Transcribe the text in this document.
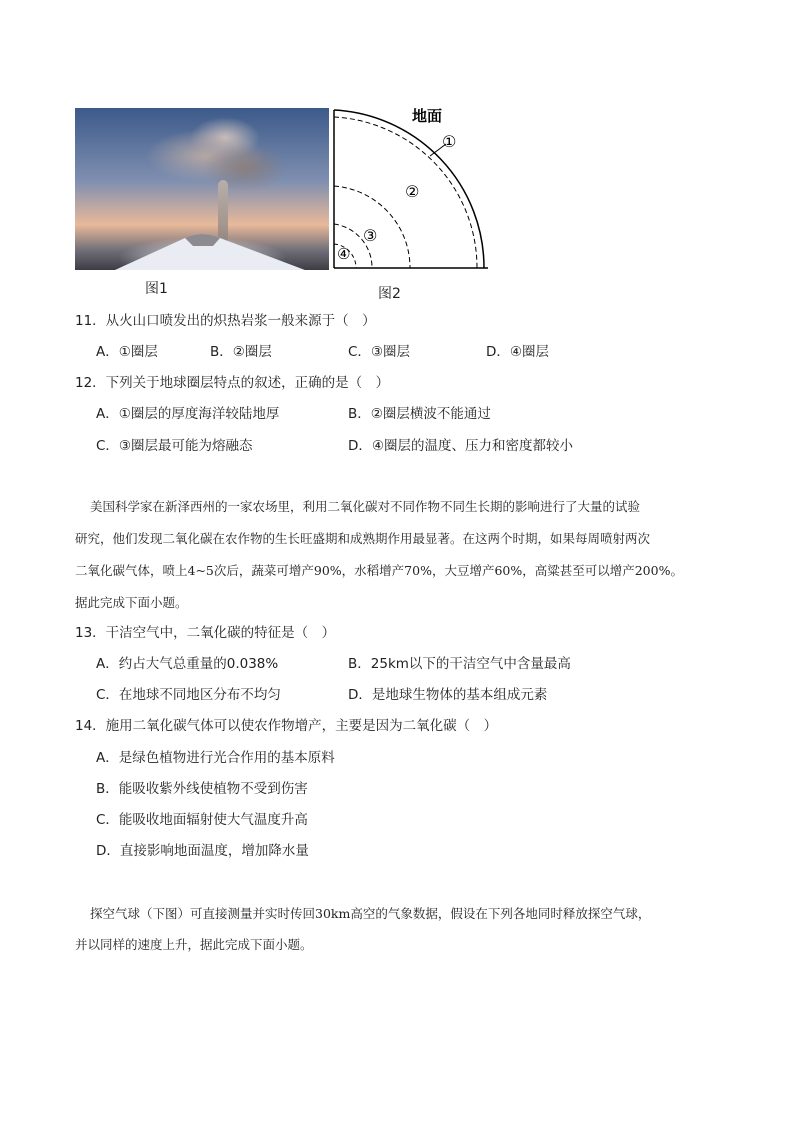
图1
地面
①
②
③
④
图2
11．从火山口喷发出的炽热岩浆一般来源于（　）
A．①圈层	B．②圈层	C．③圈层	D．④圈层
12．下列关于地球圈层特点的叙述，正确的是（　）
A．①圈层的厚度海洋较陆地厚	B．②圈层横波不能通过
C．③圈层最可能为熔融态	D．④圈层的温度、压力和密度都较小
美国科学家在新泽西州的一家农场里，利用二氧化碳对不同作物不同生长期的影响进行了大量的试验
研究，他们发现二氧化碳在农作物的生长旺盛期和成熟期作用最显著。在这两个时期，如果每周喷射两次
二氧化碳气体，喷上4~5次后，蔬菜可增产90%，水稻增产70%，大豆增产60%，高粱甚至可以增产200%。
据此完成下面小题。
13．干洁空气中，二氧化碳的特征是（　）
A．约占大气总重量的0.038%	B．25km以下的干洁空气中含量最高
C．在地球不同地区分布不均匀	D．是地球生物体的基本组成元素
14．施用二氧化碳气体可以使农作物增产，主要是因为二氧化碳（　）
A．是绿色植物进行光合作用的基本原料
B．能吸收紫外线使植物不受到伤害
C．能吸收地面辐射使大气温度升高
D．直接影响地面温度，增加降水量
探空气球（下图）可直接测量并实时传回30km高空的气象数据，假设在下列各地同时释放探空气球，
并以同样的速度上升，据此完成下面小题。
